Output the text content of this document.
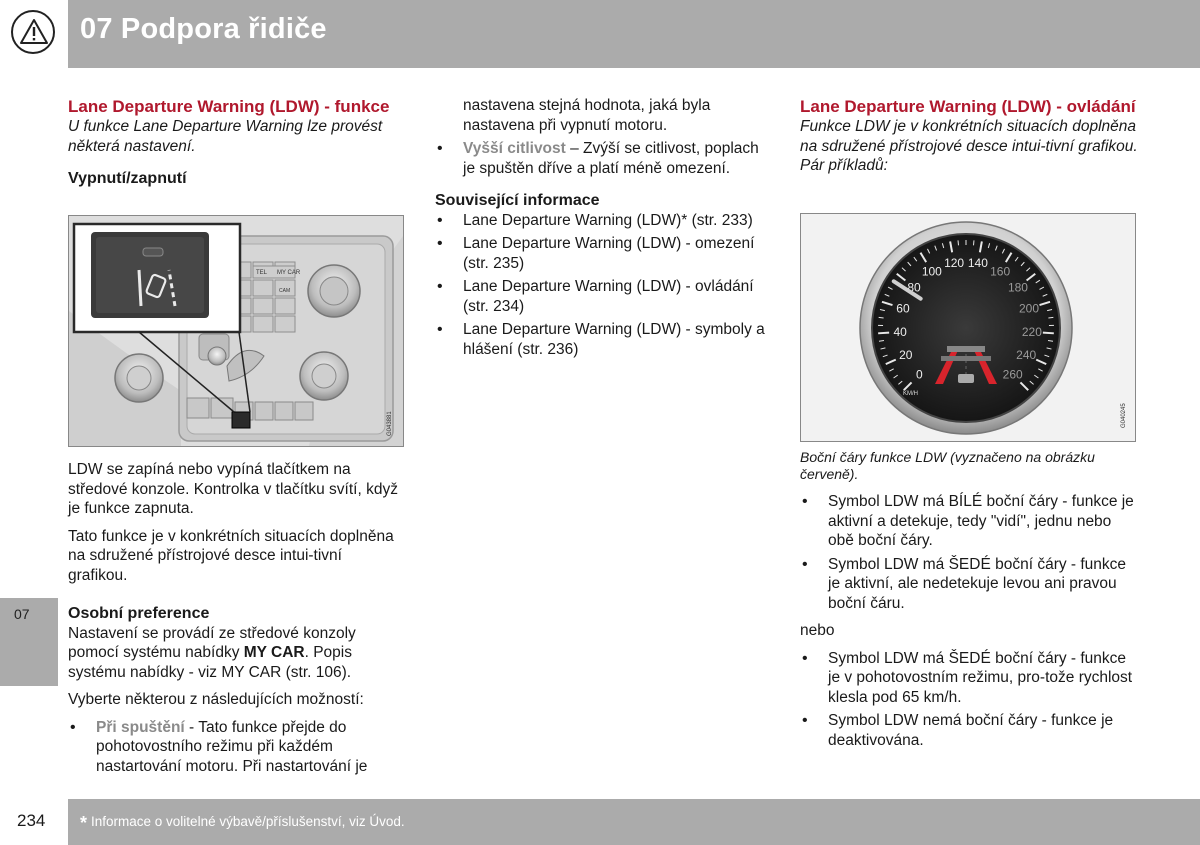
07 Podpora řidiče
07

Lane Departure Warning (LDW) - funkce

U funkce Lane Departure Warning lze provést některá nastavení.

Vypnutí/zapnutí

TEL MY CAR
CAM
G043881

LDW se zapíná nebo vypíná tlačítkem na středové konzole. Kontrolka v tlačítku svítí, když je funkce zapnuta.

Tato funkce je v konkrétních situacích doplněna na sdružené přístrojové desce intui-tivní grafikou.

Osobní preference

Nastavení se provádí ze středové konzoly pomocí systému nabídky MY CAR. Popis systému nabídky - viz MY CAR (str. 106).

Vyberte některou z následujících možností:

• Při spuštění - Tato funkce přejde do pohotovostního režimu při každém nastartování motoru. Při nastartování je

nastavena stejná hodnota, jaká byla nastavena při vypnutí motoru.

• Vyšší citlivost – Zvýší se citlivost, poplach je spuštěn dříve a platí méně omezení.

Související informace

• Lane Departure Warning (LDW)* (str. 233)
• Lane Departure Warning (LDW) - omezení (str. 235)
• Lane Departure Warning (LDW) - ovládání (str. 234)
• Lane Departure Warning (LDW) - symboly a hlášení (str. 236)

Lane Departure Warning (LDW) - ovládání

Funkce LDW je v konkrétních situacích doplněna na sdružené přístrojové desce intui-tivní grafikou. Pár příkladů:

0
20
40
60
80
100
120 140
160
180
200
220
240
260
KM/H
G040245

Boční čáry funkce LDW (vyznačeno na obrázku červeně).

• Symbol LDW má BÍLÉ boční čáry - funkce je aktivní a detekuje, tedy "vidí", jednu nebo obě boční čáry.
• Symbol LDW má ŠEDÉ boční čáry - funkce je aktivní, ale nedetekuje levou ani pravou boční čáru.

nebo

• Symbol LDW má ŠEDÉ boční čáry - funkce je v pohotovostním režimu, pro-tože rychlost klesla pod 65 km/h.
• Symbol LDW nemá boční čáry - funkce je deaktivována.
234 * Informace o volitelné výbavě/příslušenství, viz Úvod.
